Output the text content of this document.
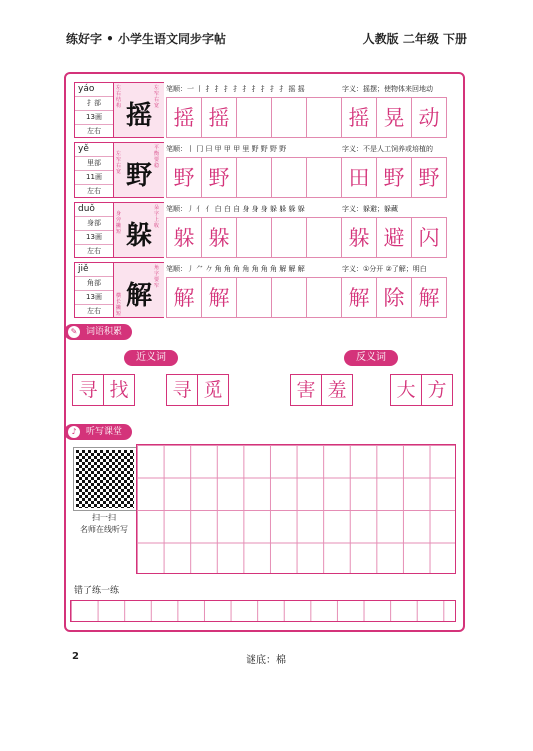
练好字 • 小学生语文同步字帖	人教版 二年级 下册
yáo
扌部
13画
左右
左右结构 摇
左窄右宽
笔顺：一 丨 扌 扌 扌 扌 扌 扌 扌 扌 扌 摇 摇	字义：摇摆；使物体来回地动
摇 摇	摇 晃 动
yě
里部
11画
左右
左窄右宽 野
平衡要稳
笔顺：丨 冂 曰 甲 甲 甲 里 野 野 野 野	字义：不是人工饲养或培植的
野 野	田 野 野
duǒ
身部
13画
左右
身旁撇短 躲
朵字上收
笔顺：丿 亻 亻 白 白 自 身 身 身 躲 躲 躲 躲	字义：躲避；躲藏
躲 躲	躲 避 闪
jiě
角部
13画
左右
角字要窄
解
横长撇短
笔顺：丿 ⺈ 𠂊 角 角 角 角 角 角 角 解 解 解	字义：①分开 ②了解；明白
解 解	解 除 解
✎ 词语积累
近义词	反义词
寻 找	寻 觅	害 羞	大 方
♪	听写课堂
扫一扫
名师在线听写
错了练一练
2	谜底：棉
